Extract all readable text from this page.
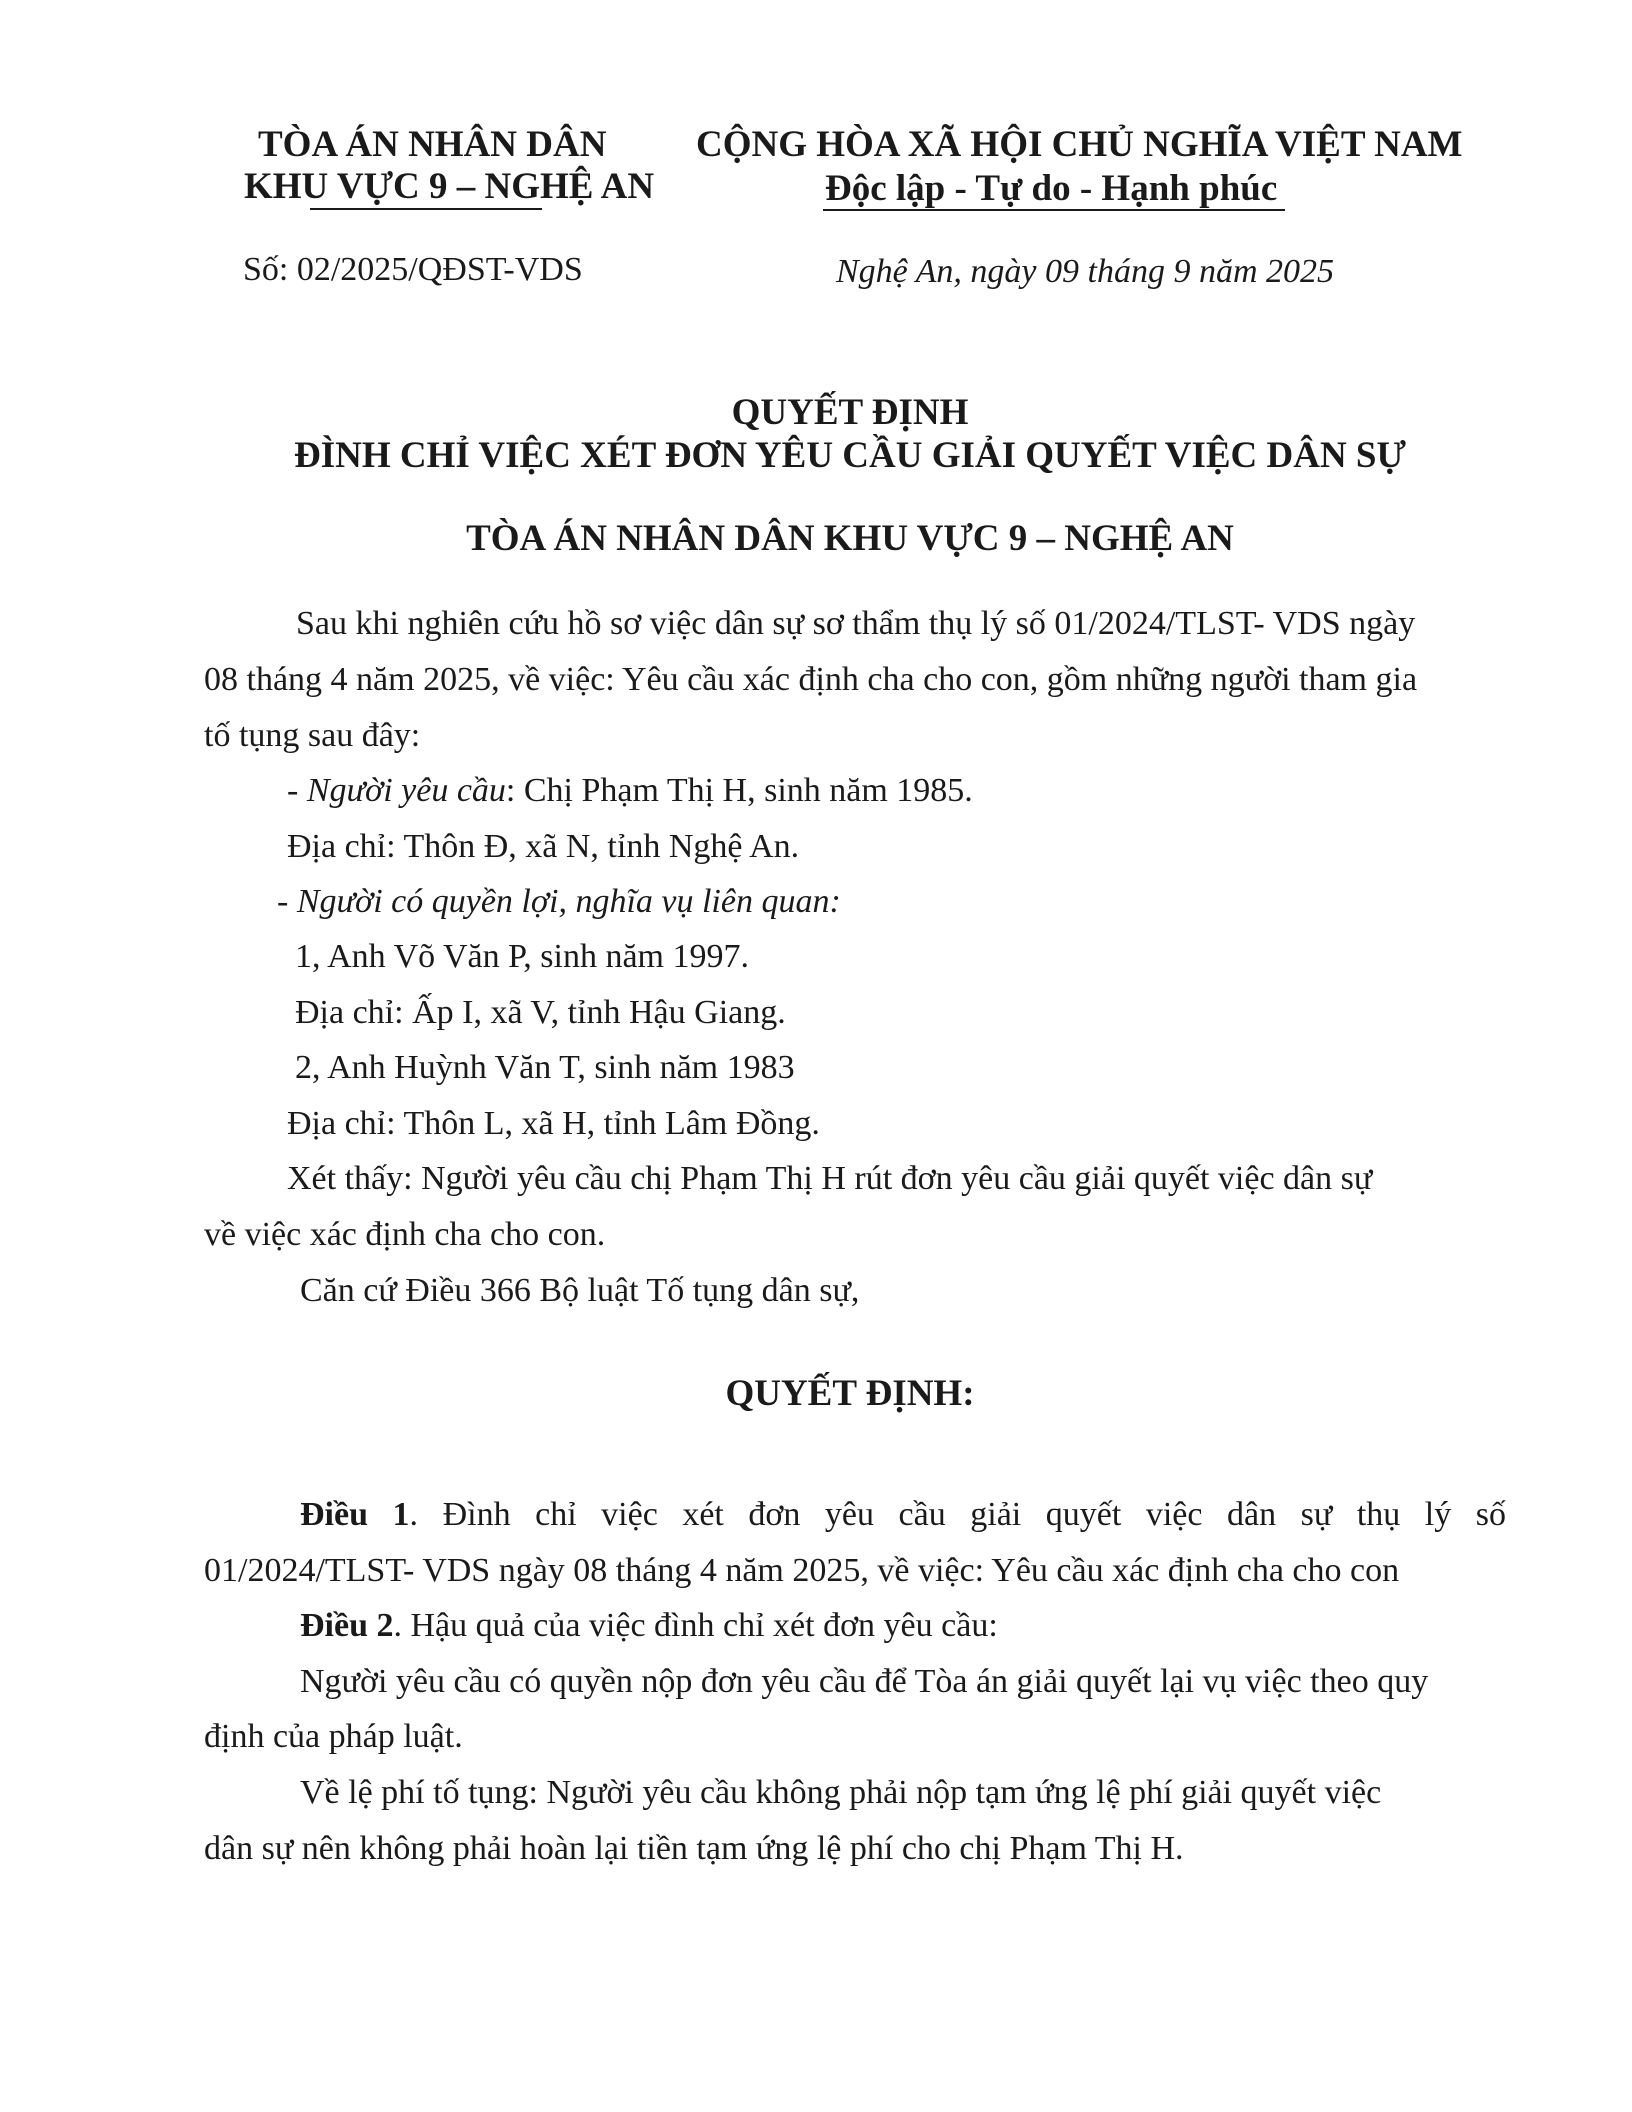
TÒA ÁN NHÂN DÂN
KHU VỰC 9 – NGHỆ AN
CỘNG HÒA XÃ HỘI CHỦ NGHĨA VIỆT NAM
Độc lập - Tự do - Hạnh phúc
Số: 02/2025/QĐST-VDS	Nghệ An, ngày 09 tháng 9 năm 2025
QUYẾT ĐỊNH
ĐÌNH CHỈ VIỆC XÉT ĐƠN YÊU CẦU GIẢI QUYẾT VIỆC DÂN SỰ
TÒA ÁN NHÂN DÂN KHU VỰC 9 – NGHỆ AN
Sau khi nghiên cứu hồ sơ việc dân sự sơ thẩm thụ lý số 01/2024/TLST- VDS ngày
08 tháng 4 năm 2025, về việc: Yêu cầu xác định cha cho con, gồm những người tham gia
tố tụng sau đây:
- Người yêu cầu: Chị Phạm Thị H, sinh năm 1985.
Địa chỉ: Thôn Đ, xã N, tỉnh Nghệ An.
- Người có quyền lợi, nghĩa vụ liên quan:
1, Anh Võ Văn P, sinh năm 1997.
Địa chỉ: Ấp I, xã V, tỉnh Hậu Giang.
2, Anh Huỳnh Văn T, sinh năm 1983
Địa chỉ: Thôn L, xã H, tỉnh Lâm Đồng.
Xét thấy: Người yêu cầu chị Phạm Thị H rút đơn yêu cầu giải quyết việc dân sự
về việc xác định cha cho con.
Căn cứ Điều 366 Bộ luật Tố tụng dân sự,
QUYẾT ĐỊNH:
Điều 1. Đình chỉ việc xét đơn yêu cầu giải quyết việc dân sự thụ lý số
01/2024/TLST- VDS ngày 08 tháng 4 năm 2025, về việc: Yêu cầu xác định cha cho con
Điều 2. Hậu quả của việc đình chỉ xét đơn yêu cầu:
Người yêu cầu có quyền nộp đơn yêu cầu để Tòa án giải quyết lại vụ việc theo quy
định của pháp luật.
Về lệ phí tố tụng: Người yêu cầu không phải nộp tạm ứng lệ phí giải quyết việc
dân sự nên không phải hoàn lại tiền tạm ứng lệ phí cho chị Phạm Thị H.
